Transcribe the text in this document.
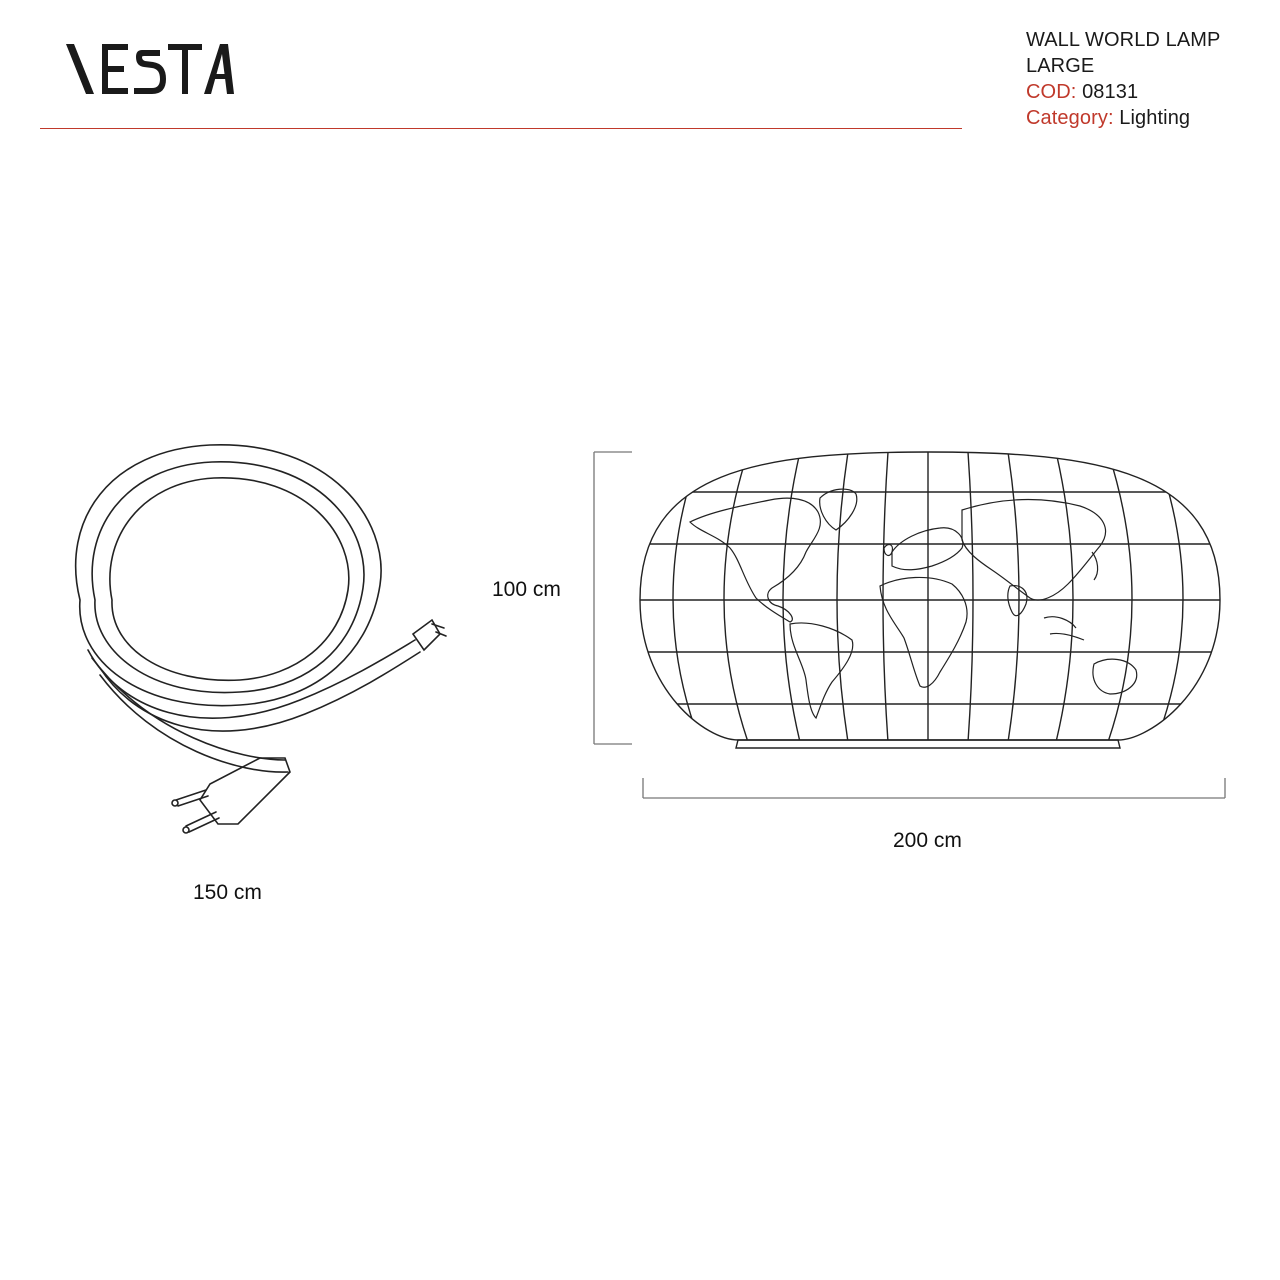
WALL WORLD LAMP
LARGE
COD: 08131
Category: Lighting
100 cm
200 cm
150 cm
